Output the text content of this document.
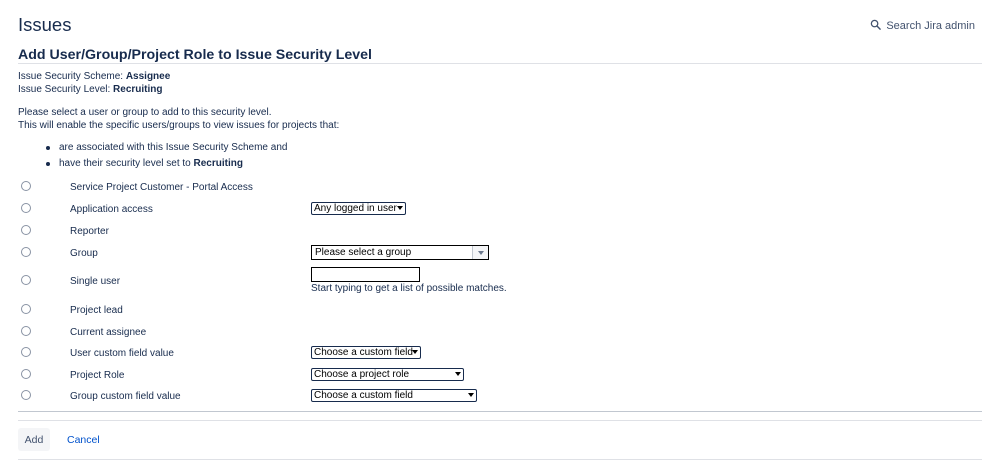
Issues	Search Jira admin
Add User/Group/Project Role to Issue Security Level
Issue Security Scheme: Assignee
Issue Security Level: Recruiting
Please select a user or group to add to this security level.
This will enable the specific users/groups to view issues for projects that:
are associated with this Issue Security Scheme and
have their security level set to
Recruiting
Service Project Customer - Portal Access
Application access	Any logged in user
Reporter
Group	Please select a group
Single user
Start typing to get a list of possible matches.
Project lead
Current assignee
User custom field value	Choose a custom field
Project Role	Choose a project role
Group custom field value	Choose a custom field
Add	Cancel
